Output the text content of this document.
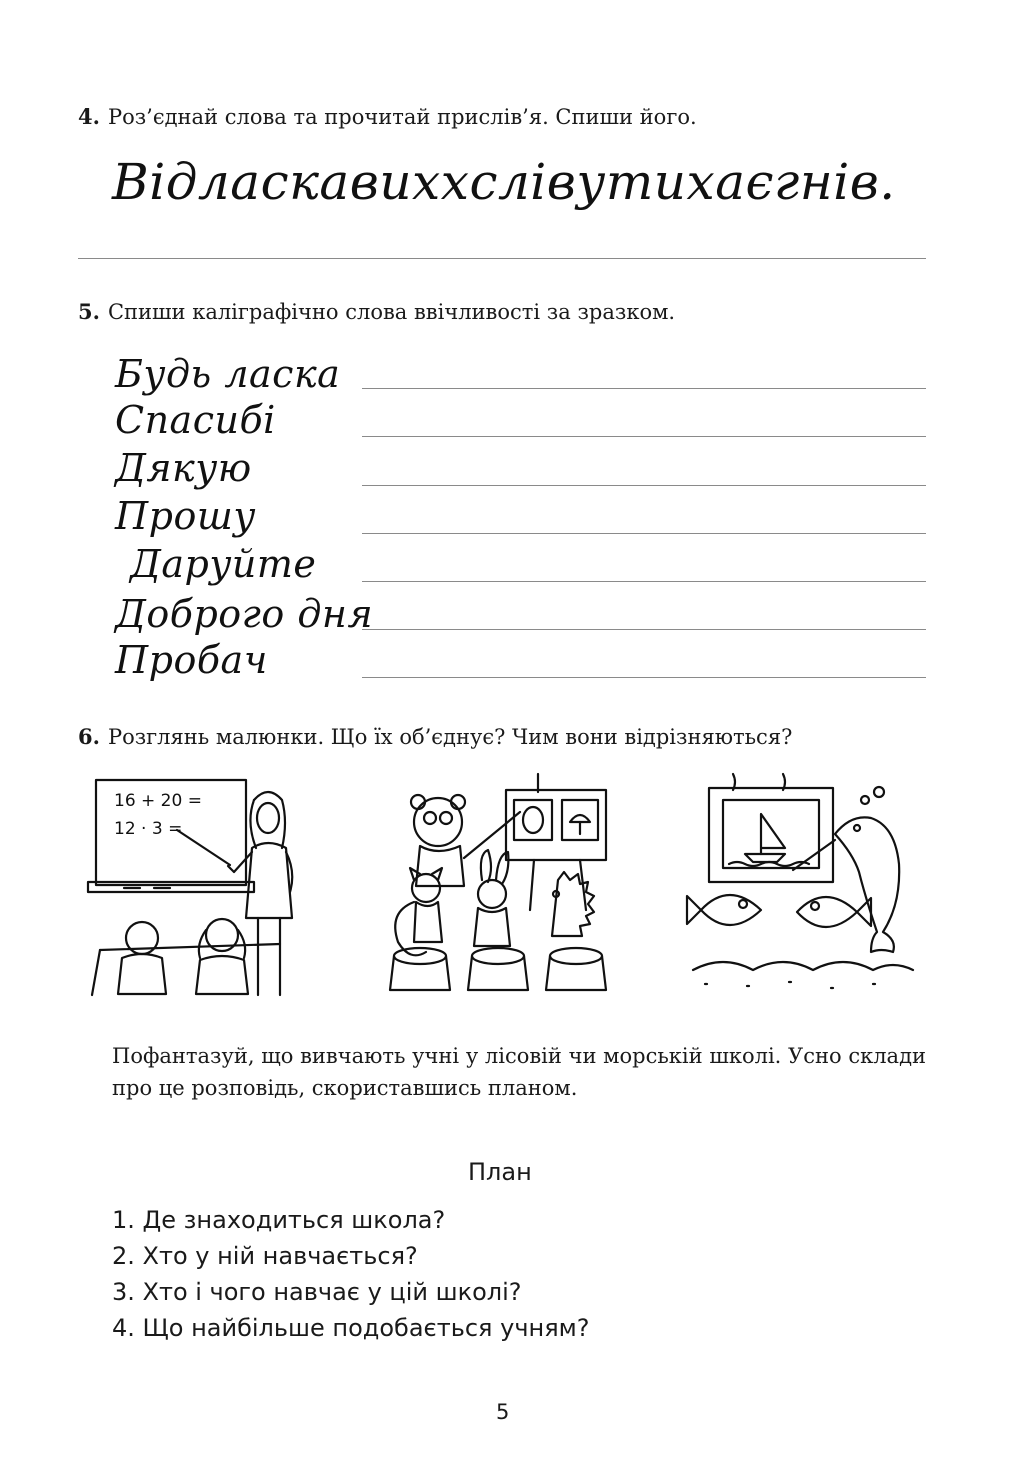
4. Роз’єднай слова та прочитай прислів’я. Спиши його.
Відласкавиххслівутихаєгнів.
5. Спиши каліграфічно слова ввічливості за зразком.
Будь ласка
Спасибі
Дякую
Прошу
Даруйте
Доброго дня
Пробач
6. Розглянь малюнки. Що їх об’єднує? Чим вони відрізняються?
16 + 20 =
12 · 3 =
Пофантазуй, що вивчають учні у лісовій чи морській школі. Усно склади про це розповідь, скориставшись планом.
План
1. Де знаходиться школа?
2. Хто у ній навчається?
3. Хто і чого навчає у цій школі?
4. Що найбільше подобається учням?
5
